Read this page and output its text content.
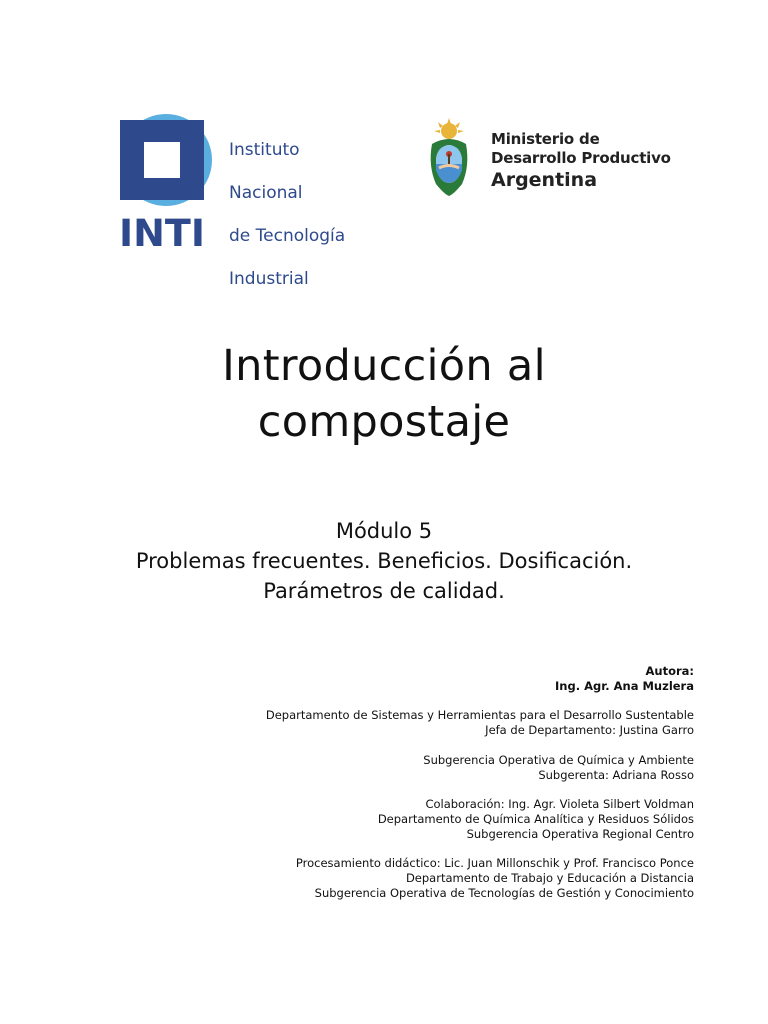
INTI

Instituto

Nacional

de Tecnología

Industrial

Ministerio de
Desarrollo Productivo
Argentina
Introducción al
compostaje
Módulo 5
Problemas frecuentes. Beneficios. Dosificación.
Parámetros de calidad.
Autora:
Ing. Agr. Ana Muzlera
Departamento de Sistemas y Herramientas para el Desarrollo Sustentable
Jefa de Departamento: Justina Garro
Subgerencia Operativa de Química y Ambiente
Subgerenta: Adriana Rosso
Colaboración: Ing. Agr. Violeta Silbert Voldman
Departamento de Química Analítica y Residuos Sólidos
Subgerencia Operativa Regional Centro
Procesamiento didáctico: Lic. Juan Millonschik y Prof. Francisco Ponce
Departamento de Trabajo y Educación a Distancia
Subgerencia Operativa de Tecnologías de Gestión y Conocimiento
